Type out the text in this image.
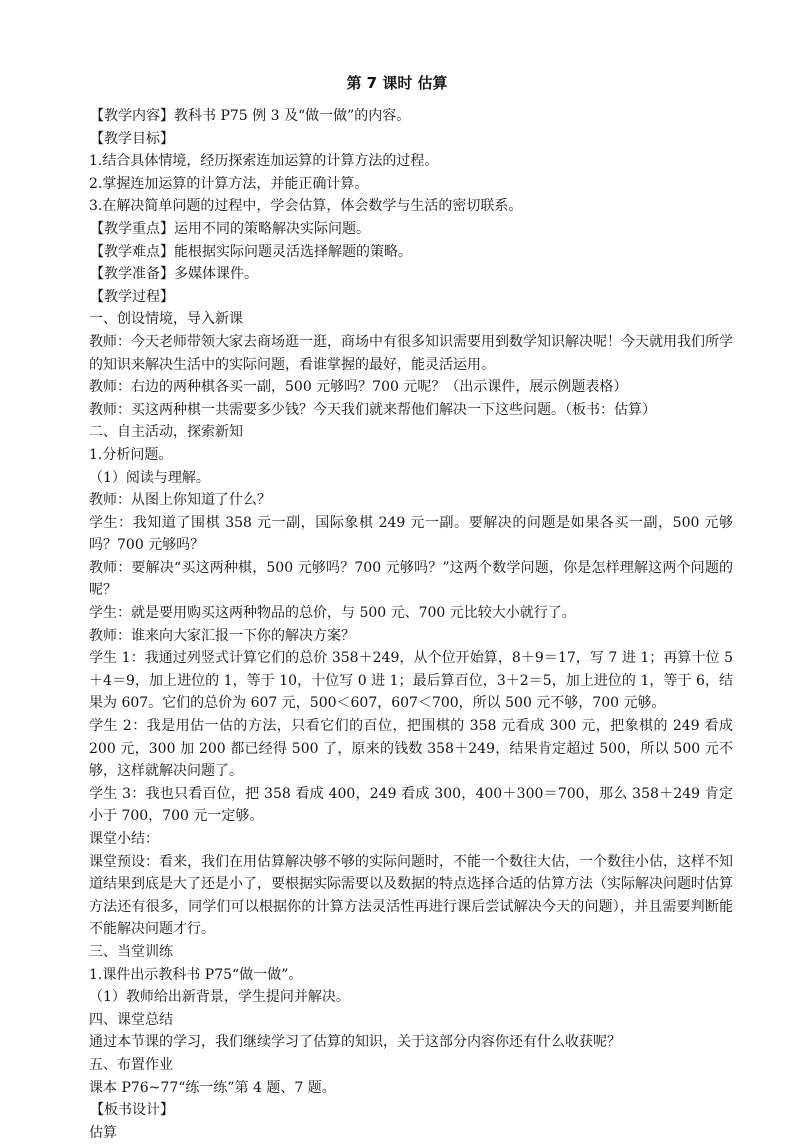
第 7 课时 估算

【教学内容】教科书 P75 例 3 及“做一做”的内容。

【教学目标】

1.结合具体情境，经历探索连加运算的计算方法的过程。

2.掌握连加运算的计算方法，并能正确计算。

3.在解决简单问题的过程中，学会估算，体会数学与生活的密切联系。

【教学重点】运用不同的策略解决实际问题。

【教学难点】能根据实际问题灵活选择解题的策略。

【教学准备】多媒体课件。

【教学过程】

一、创设情境，导入新课

教师：今天老师带领大家去商场逛一逛，商场中有很多知识需要用到数学知识解决呢！今天就用我们所学的知识来解决生活中的实际问题，看谁掌握的最好，能灵活运用。

教师：右边的两种棋各买一副，500 元够吗？700 元呢？（出示课件，展示例题表格）

教师：买这两种棋一共需要多少钱？今天我们就来帮他们解决一下这些问题。（板书：估算）

二、自主活动，探索新知

1.分析问题。

（1）阅读与理解。

教师：从图上你知道了什么？

学生：我知道了围棋 358 元一副，国际象棋 249 元一副。要解决的问题是如果各买一副，500 元够吗？700 元够吗？

教师：要解决“买这两种棋，500 元够吗？700 元够吗？”这两个数学问题，你是怎样理解这两个问题的呢？

学生：就是要用购买这两种物品的总价，与 500 元、700 元比较大小就行了。

教师：谁来向大家汇报一下你的解决方案？

学生 1：我通过列竖式计算它们的总价 358＋249，从个位开始算，8＋9＝17，写 7 进 1；再算十位 5＋4＝9，加上进位的 1，等于 10，十位写 0 进 1；最后算百位，3＋2＝5，加上进位的 1，等于 6，结果为 607。它们的总价为 607 元，500＜607，607＜700，所以 500 元不够，700 元够。

学生 2：我是用估一估的方法，只看它们的百位，把围棋的 358 元看成 300 元，把象棋的 249 看成 200 元，300 加 200 都已经得 500 了，原来的钱数 358＋249，结果肯定超过 500，所以 500 元不够，这样就解决问题了。

学生 3：我也只看百位，把 358 看成 400，249 看成 300，400＋300＝700，那么 358＋249 肯定小于 700，700 元一定够。

课堂小结：

课堂预设：看来，我们在用估算解决够不够的实际问题时，不能一个数往大估，一个数往小估，这样不知道结果到底是大了还是小了，要根据实际需要以及数据的特点选择合适的估算方法（实际解决问题时估算方法还有很多，同学们可以根据你的计算方法灵活性再进行课后尝试解决今天的问题），并且需要判断能不能解决问题才行。

三、当堂训练

1.课件出示教科书 P75“做一做”。

（1）教师给出新背景，学生提问并解决。

四、课堂总结

通过本节课的学习，我们继续学习了估算的知识，关于这部分内容你还有什么收获呢？

五、布置作业

课本 P76~77“练一练”第 4 题、7 题。

【板书设计】

估算
